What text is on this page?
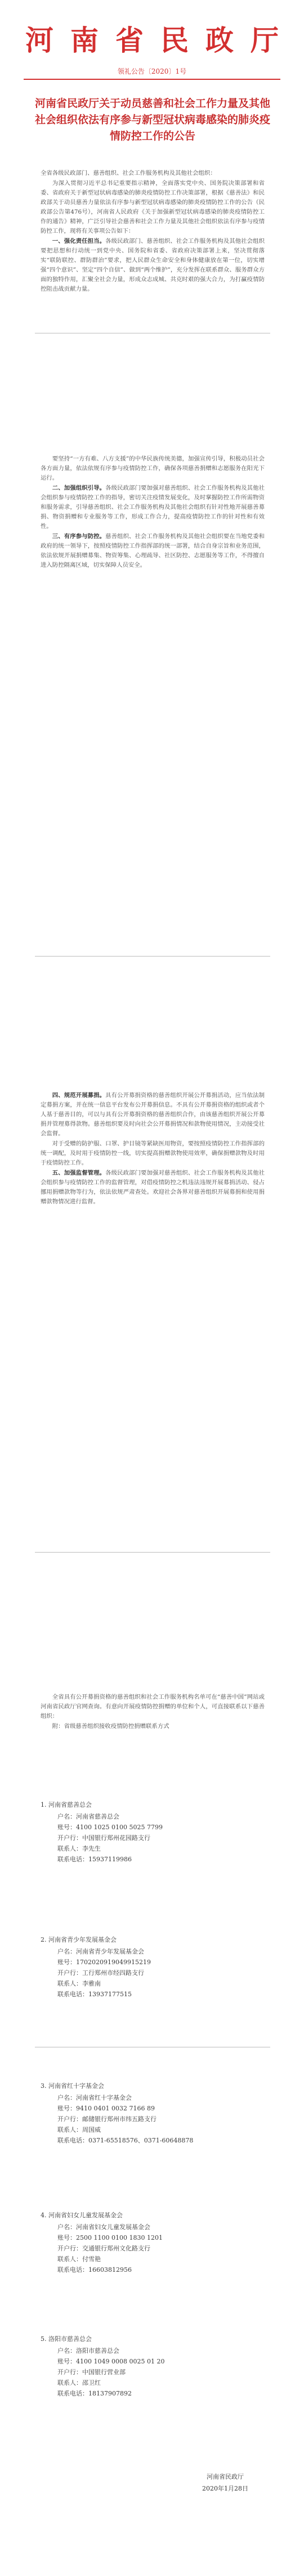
河南省民政厅
领礼公告〔2020〕1号
河南省民政厅关于动员慈善和社会工作力量及其他社会组织依法有序参与新型冠状病毒感染的肺炎疫情防控工作的公告

全省各级民政部门、慈善组织、社会工作服务机构及其他社会组织：

为深入贯彻习近平总书记重要指示精神，全面落实党中央、国务院决策部署和省委、省政府关于新型冠状病毒感染的肺炎疫情防控工作决策部署，根据《慈善法》和民政部关于动员慈善力量依法有序参与新型冠状病毒感染的肺炎疫情防控工作的公告（民政部公告第476号），河南省人民政府《关于加强新型冠状病毒感染的肺炎疫情防控工作的通告》精神，广泛引导社会慈善和社会工作力量及其他社会组织依法有序参与疫情防控工作，现将有关事项公告如下：

一、强化责任担当。各级民政部门、慈善组织、社会工作服务机构及其他社会组织要把思想和行动统一到党中央、国务院和省委、省政府决策部署上来，坚决贯彻落实“联防联控、群防群治”要求，把人民群众生命安全和身体健康放在第一位，切实增强“四个意识”、坚定“四个自信”、做到“两个维护”，充分发挥在联系群众、服务群众方面的独特作用，汇聚全社会力量，形成众志成城、共克时艰的强大合力，为打赢疫情防控阻击战贡献力量。

要坚持“一方有难、八方支援”的中华民族传统美德，加强宣传引导，积极动员社会各方面力量，依法依规有序参与疫情防控工作，确保各项慈善捐赠和志愿服务在阳光下运行。

二、加强组织引导。各级民政部门要加强对慈善组织、社会工作服务机构及其他社会组织参与疫情防控工作的指导，密切关注疫情发展变化，及时掌握防控工作所需物资和服务需求，引导慈善组织、社会工作服务机构及其他社会组织有针对性地开展慈善募捐、物资捐赠和专业服务等工作，形成工作合力，提高疫情防控工作的针对性和有效性。

三、有序参与防控。慈善组织、社会工作服务机构及其他社会组织要在当地党委和政府的统一领导下，按照疫情防控工作指挥部的统一部署，结合自身宗旨和业务范围，依法依规开展捐赠募集、物资筹集、心理疏导、社区防控、志愿服务等工作，不得擅自进入防控隔离区域，切实保障人员安全。

四、规范开展募捐。具有公开募捐资格的慈善组织开展公开募捐活动，应当依法制定募捐方案，并在统一信息平台发布公开募捐信息。不具有公开募捐资格的组织或者个人基于慈善目的，可以与具有公开募捐资格的慈善组织合作，由该慈善组织开展公开募捐并管理募得款物。慈善组织要及时向社会公开募捐情况和款物使用情况，主动接受社会监督。

对于受赠的防护服、口罩、护目镜等紧缺医用物资，要按照疫情防控工作指挥部的统一调配，及时用于疫情防控一线，切实提高捐赠款物使用效率，确保捐赠款物及时用于疫情防控工作。

五、加强监督管理。各级民政部门要加强对慈善组织、社会工作服务机构及其他社会组织参与疫情防控工作的监督管理，对借疫情防控之机违法违规开展募捐活动、侵占挪用捐赠款物等行为，依法依规严肃查处。欢迎社会各界对慈善组织开展募捐和使用捐赠款物情况进行监督。

全省具有公开募捐资格的慈善组织和社会工作服务机构名单可在“慈善中国”网站或河南省民政厅官网查询。有意向开展疫情防控捐赠的单位和个人，可直接联系以下慈善组织：

附：省级慈善组织接收疫情防控捐赠联系方式

1. 河南省慈善总会
户名：河南省慈善总会
账号：4100 1025 0100 5025 7799
开户行：中国银行郑州花园路支行
联系人：李先生
联系电话：15937119986
2. 河南省青少年发展基金会
户名：河南省青少年发展基金会
账号：1702020919049915219
开户行：工行郑州市经四路支行
联系人：李雅南
联系电话：13937177515
3. 河南省红十字基金会
户名：河南省红十字基金会
账号：9410 0401 0032 7166 89
开户行：邮储银行郑州市纬五路支行
联系人：周国威
联系电话：0371-65518576、0371-60648878
4. 河南省妇女儿童发展基金会
户名：河南省妇女儿童发展基金会
账号：2500 1100 0100 1830 1201
开户行：交通银行郑州文化路支行
联系人：付雪艳
联系电话：16603812956
5. 洛阳市慈善总会
户名：洛阳市慈善总会
账号：4100 1049 0008 0025 01 20
开户行：中国银行营业部
联系人：邵卫红
联系电话：18137907892
河南省民政厅
2020年1月28日
